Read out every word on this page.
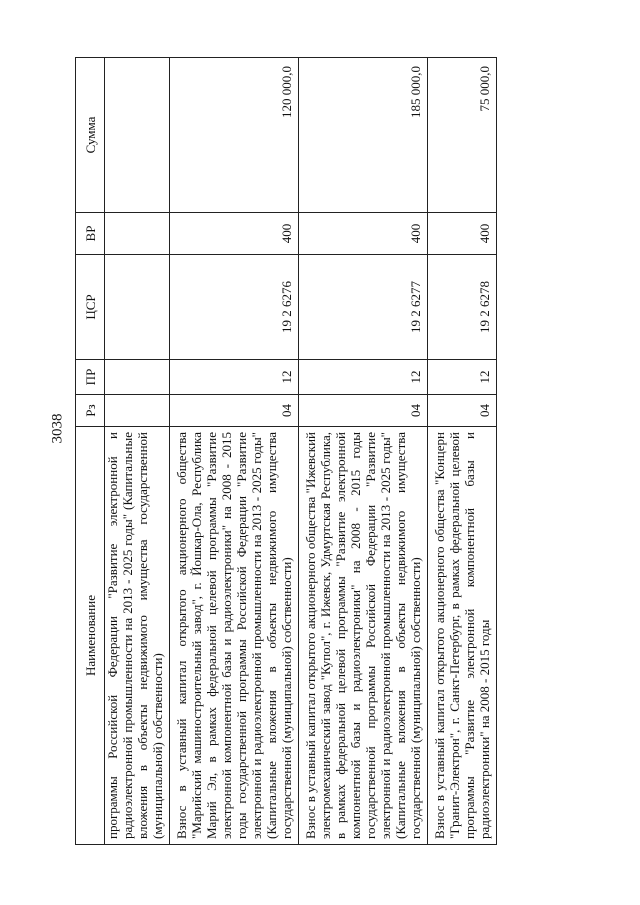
3038
Наименование	Рз	ПР	ЦСР	ВР	Сумма
программы Российской Федерации "Развитие электронной и радиоэлектронной промышленности на 2013 - 2025 годы" (Капитальные вложения в объекты недвижимого имущества государственной (муниципальной) собственности)					
Взнос в уставный капитал открытого акционерного общества "Марийский машиностроительный завод", г. Йошкар-Ола, Республика Марий Эл, в рамках федеральной целевой программы "Развитие электронной компонентной базы и радиоэлектроники" на 2008 - 2015 годы государственной программы Российской Федерации "Развитие электронной и радиоэлектронной промышленности на 2013 - 2025 годы" (Капитальные вложения в объекты недвижимого имущества государственной (муниципальной) собственности)	04	12	19 2 6276	400	120 000,0
Взнос в уставный капитал открытого акционерного общества "Ижевский электромеханический завод "Купол", г. Ижевск, Удмуртская Республика, в рамках федеральной целевой программы "Развитие электронной компонентной базы и радиоэлектроники" на 2008 - 2015 годы государственной программы Российской Федерации "Развитие электронной и радиоэлектронной промышленности на 2013 - 2025 годы" (Капитальные вложения в объекты недвижимого имущества государственной (муниципальной) собственности)	04	12	19 2 6277	400	185 000,0
Взнос в уставный капитал открытого акционерного общества "Концерн "Гранит-Электрон", г. Санкт-Петербург, в рамках федеральной целевой программы "Развитие электронной компонентной базы и радиоэлектроники" на 2008 - 2015 годы	04	12	19 2 6278	400	75 000,0
